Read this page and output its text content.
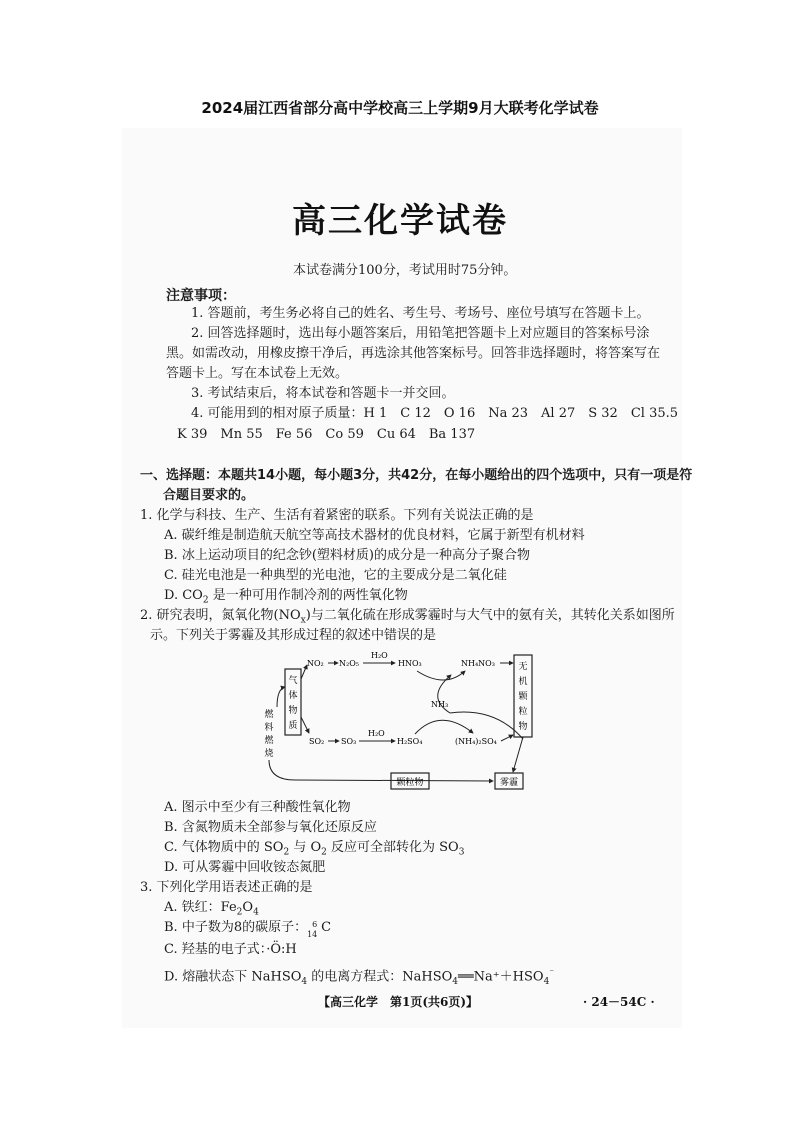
2024届江西省部分高中学校高三上学期9月大联考化学试卷
高三化学试卷
本试卷满分100分，考试用时75分钟。
注意事项：
1. 答题前，考生务必将自己的姓名、考生号、考场号、座位号填写在答题卡上。
2. 回答选择题时，选出每小题答案后，用铅笔把答题卡上对应题目的答案标号涂
黑。如需改动，用橡皮擦干净后，再选涂其他答案标号。回答非选择题时，将答案写在
答题卡上。写在本试卷上无效。
3. 考试结束后，将本试卷和答题卡一并交回。
4. 可能用到的相对原子质量：H 1　C 12　O 16　Na 23　Al 27　S 32　Cl 35.5
K 39　Mn 55　Fe 56　Co 59　Cu 64　Ba 137
一、选择题：本题共14小题，每小题3分，共42分，在每小题给出的四个选项中，只有一项是符
合题目要求的。
1. 化学与科技、生产、生活有着紧密的联系。下列有关说法正确的是
A. 碳纤维是制造航天航空等高技术器材的优良材料，它属于新型有机材料
B. 冰上运动项目的纪念钞(塑料材质)的成分是一种高分子聚合物
C. 硅光电池是一种典型的光电池，它的主要成分是二氧化硅
D. $CO_2$ 是一种可用作制冷剂的两性氧化物
2. 研究表明，氮氧化物$(NO_x)$与二氧化硫在形成雾霾时与大气中的氨有关，其转化关系如图所
示。下列关于雾霾及其形成过程的叙述中错误的是
气
体
物
质
无
机
颗
粒
物
燃
料
燃
烧
NO₂ N₂O₅
H₂O
HNO₃	NH₄NO₃
SO₂ SO₃
H₂O
H₂SO₄	(NH₄)₂SO₄
NH₃
颗粒物	雾霾
A. 图示中至少有三种酸性氧化物
B. 含氮物质未全部参与氧化还原反应
C. 气体物质中的 $SO_2$ 与 $O_2$ 反应可全部转化为 $SO_3$
D. 可从雾霾中回收铵态氮肥
3. 下列化学用语表述正确的是
A. 铁红：$Fe_2O_4$
B. 中子数为8的碳原子： 6
14 C
C. 羟基的电子式：·Ö:H
D. 熔融状态下 NaHSO$_4$ 的电离方程式：$NaHSO_4══Na^++HSO_4^{^-}$
【高三化学　第1页(共6页)】	· 24－54C ·
